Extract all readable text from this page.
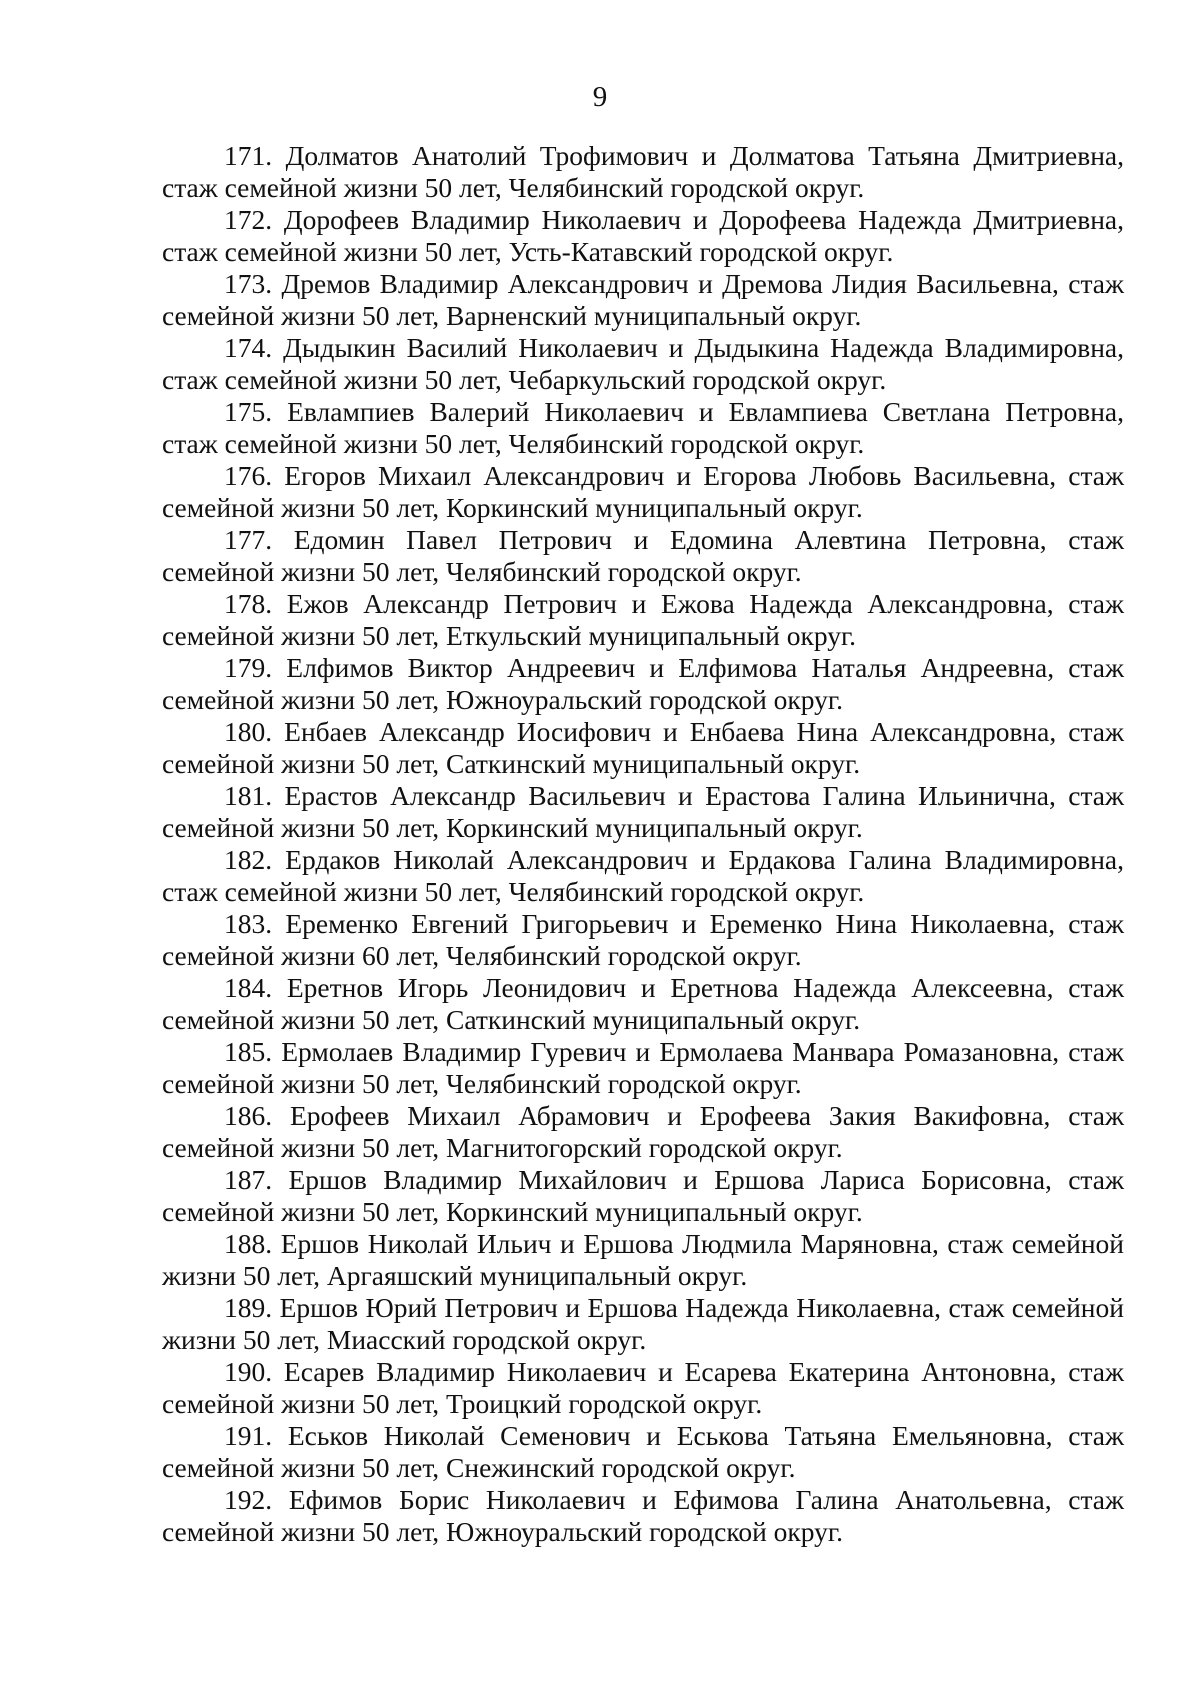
9

171. Долматов Анатолий Трофимович и Долматова Татьяна Дмитриевна, стаж семейной жизни 50 лет, Челябинский городской округ.

172. Дорофеев Владимир Николаевич и Дорофеева Надежда Дмитриевна, стаж семейной жизни 50 лет, Усть-Катавский городской округ.

173. Дремов Владимир Александрович и Дремова Лидия Васильевна, стаж семейной жизни 50 лет, Варненский муниципальный округ.

174. Дыдыкин Василий Николаевич и Дыдыкина Надежда Владимировна, стаж семейной жизни 50 лет, Чебаркульский городской округ.

175. Евлампиев Валерий Николаевич и Евлампиева Светлана Петровна, стаж семейной жизни 50 лет, Челябинский городской округ.

176. Егоров Михаил Александрович и Егорова Любовь Васильевна, стаж семейной жизни 50 лет, Коркинский муниципальный округ.

177. Едомин Павел Петрович и Едомина Алевтина Петровна, стаж семейной жизни 50 лет, Челябинский городской округ.

178. Ежов Александр Петрович и Ежова Надежда Александровна, стаж семейной жизни 50 лет, Еткульский муниципальный округ.

179. Елфимов Виктор Андреевич и Елфимова Наталья Андреевна, стаж семейной жизни 50 лет, Южноуральский городской округ.

180. Енбаев Александр Иосифович и Енбаева Нина Александровна, стаж семейной жизни 50 лет, Саткинский муниципальный округ.

181. Ерастов Александр Васильевич и Ерастова Галина Ильинична, стаж семейной жизни 50 лет, Коркинский муниципальный округ.

182. Ердаков Николай Александрович и Ердакова Галина Владимировна, стаж семейной жизни 50 лет, Челябинский городской округ.

183. Еременко Евгений Григорьевич и Еременко Нина Николаевна, стаж семейной жизни 60 лет, Челябинский городской округ.

184. Еретнов Игорь Леонидович и Еретнова Надежда Алексеевна, стаж семейной жизни 50 лет, Саткинский муниципальный округ.

185. Ермолаев Владимир Гуревич и Ермолаева Манвара Ромазановна, стаж семейной жизни 50 лет, Челябинский городской округ.

186. Ерофеев Михаил Абрамович и Ерофеева Закия Вакифовна, стаж семейной жизни 50 лет, Магнитогорский городской округ.

187. Ершов Владимир Михайлович и Ершова Лариса Борисовна, стаж семейной жизни 50 лет, Коркинский муниципальный округ.

188. Ершов Николай Ильич и Ершова Людмила Маряновна, стаж семейной жизни 50 лет, Аргаяшский муниципальный округ.

189. Ершов Юрий Петрович и Ершова Надежда Николаевна, стаж семейной жизни 50 лет, Миасский городской округ.

190. Есарев Владимир Николаевич и Есарева Екатерина Антоновна, стаж семейной жизни 50 лет, Троицкий городской округ.

191. Еськов Николай Семенович и Еськова Татьяна Емельяновна, стаж семейной жизни 50 лет, Снежинский городской округ.

192. Ефимов Борис Николаевич и Ефимова Галина Анатольевна, стаж семейной жизни 50 лет, Южноуральский городской округ.
